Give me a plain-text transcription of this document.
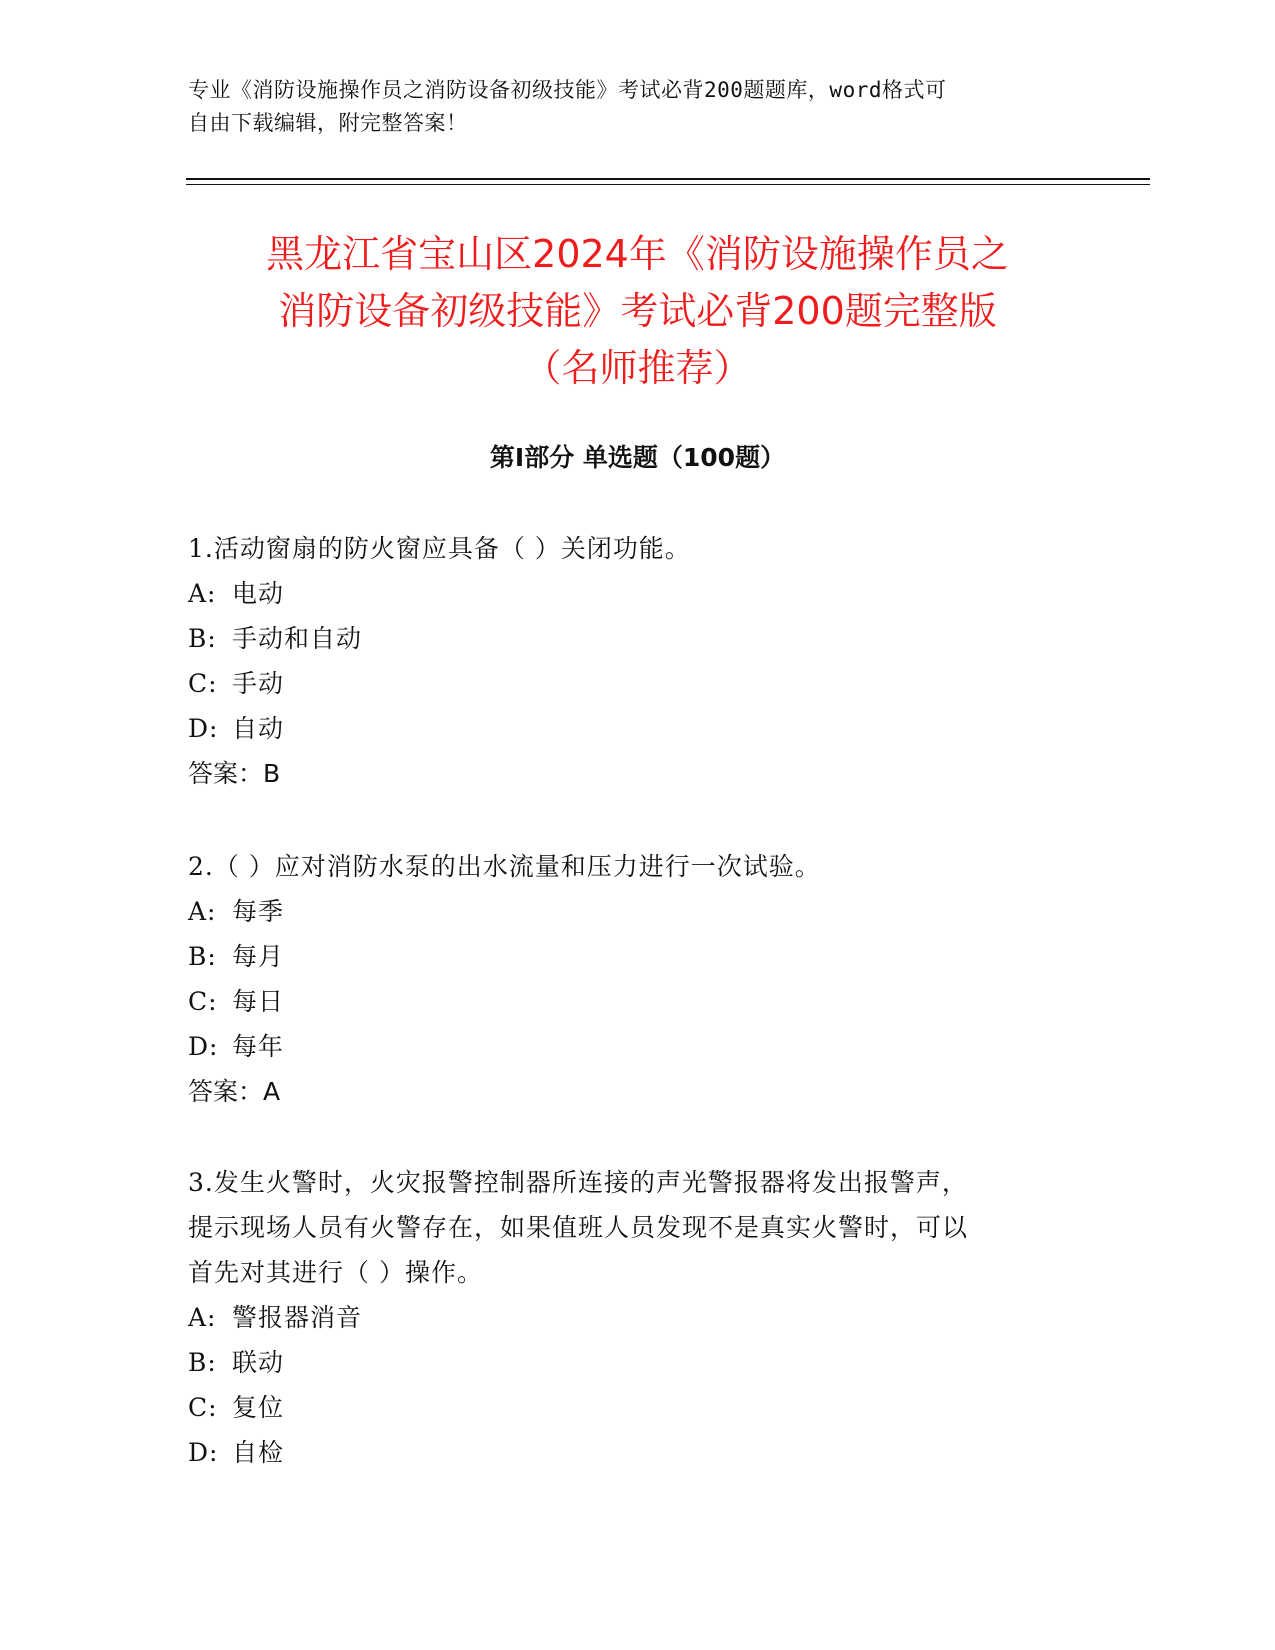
专业《消防设施操作员之消防设备初级技能》考试必背200题题库，word格式可
自由下载编辑，附完整答案！
黑龙江省宝山区2024年《消防设施操作员之
消防设备初级技能》考试必背200题完整版
（名师推荐）
第Ⅰ部分 单选题（100题）
1.活动窗扇的防火窗应具备（ ）关闭功能。
A: 电动
B: 手动和自动
C: 手动
D: 自动
答案：B
2.（ ）应对消防水泵的出水流量和压力进行一次试验。
A: 每季
B: 每月
C: 每日
D: 每年
答案：A
3.发生火警时，火灾报警控制器所连接的声光警报器将发出报警声，
提示现场人员有火警存在，如果值班人员发现不是真实火警时，可以
首先对其进行（ ）操作。
A: 警报器消音
B: 联动
C: 复位
D: 自检
